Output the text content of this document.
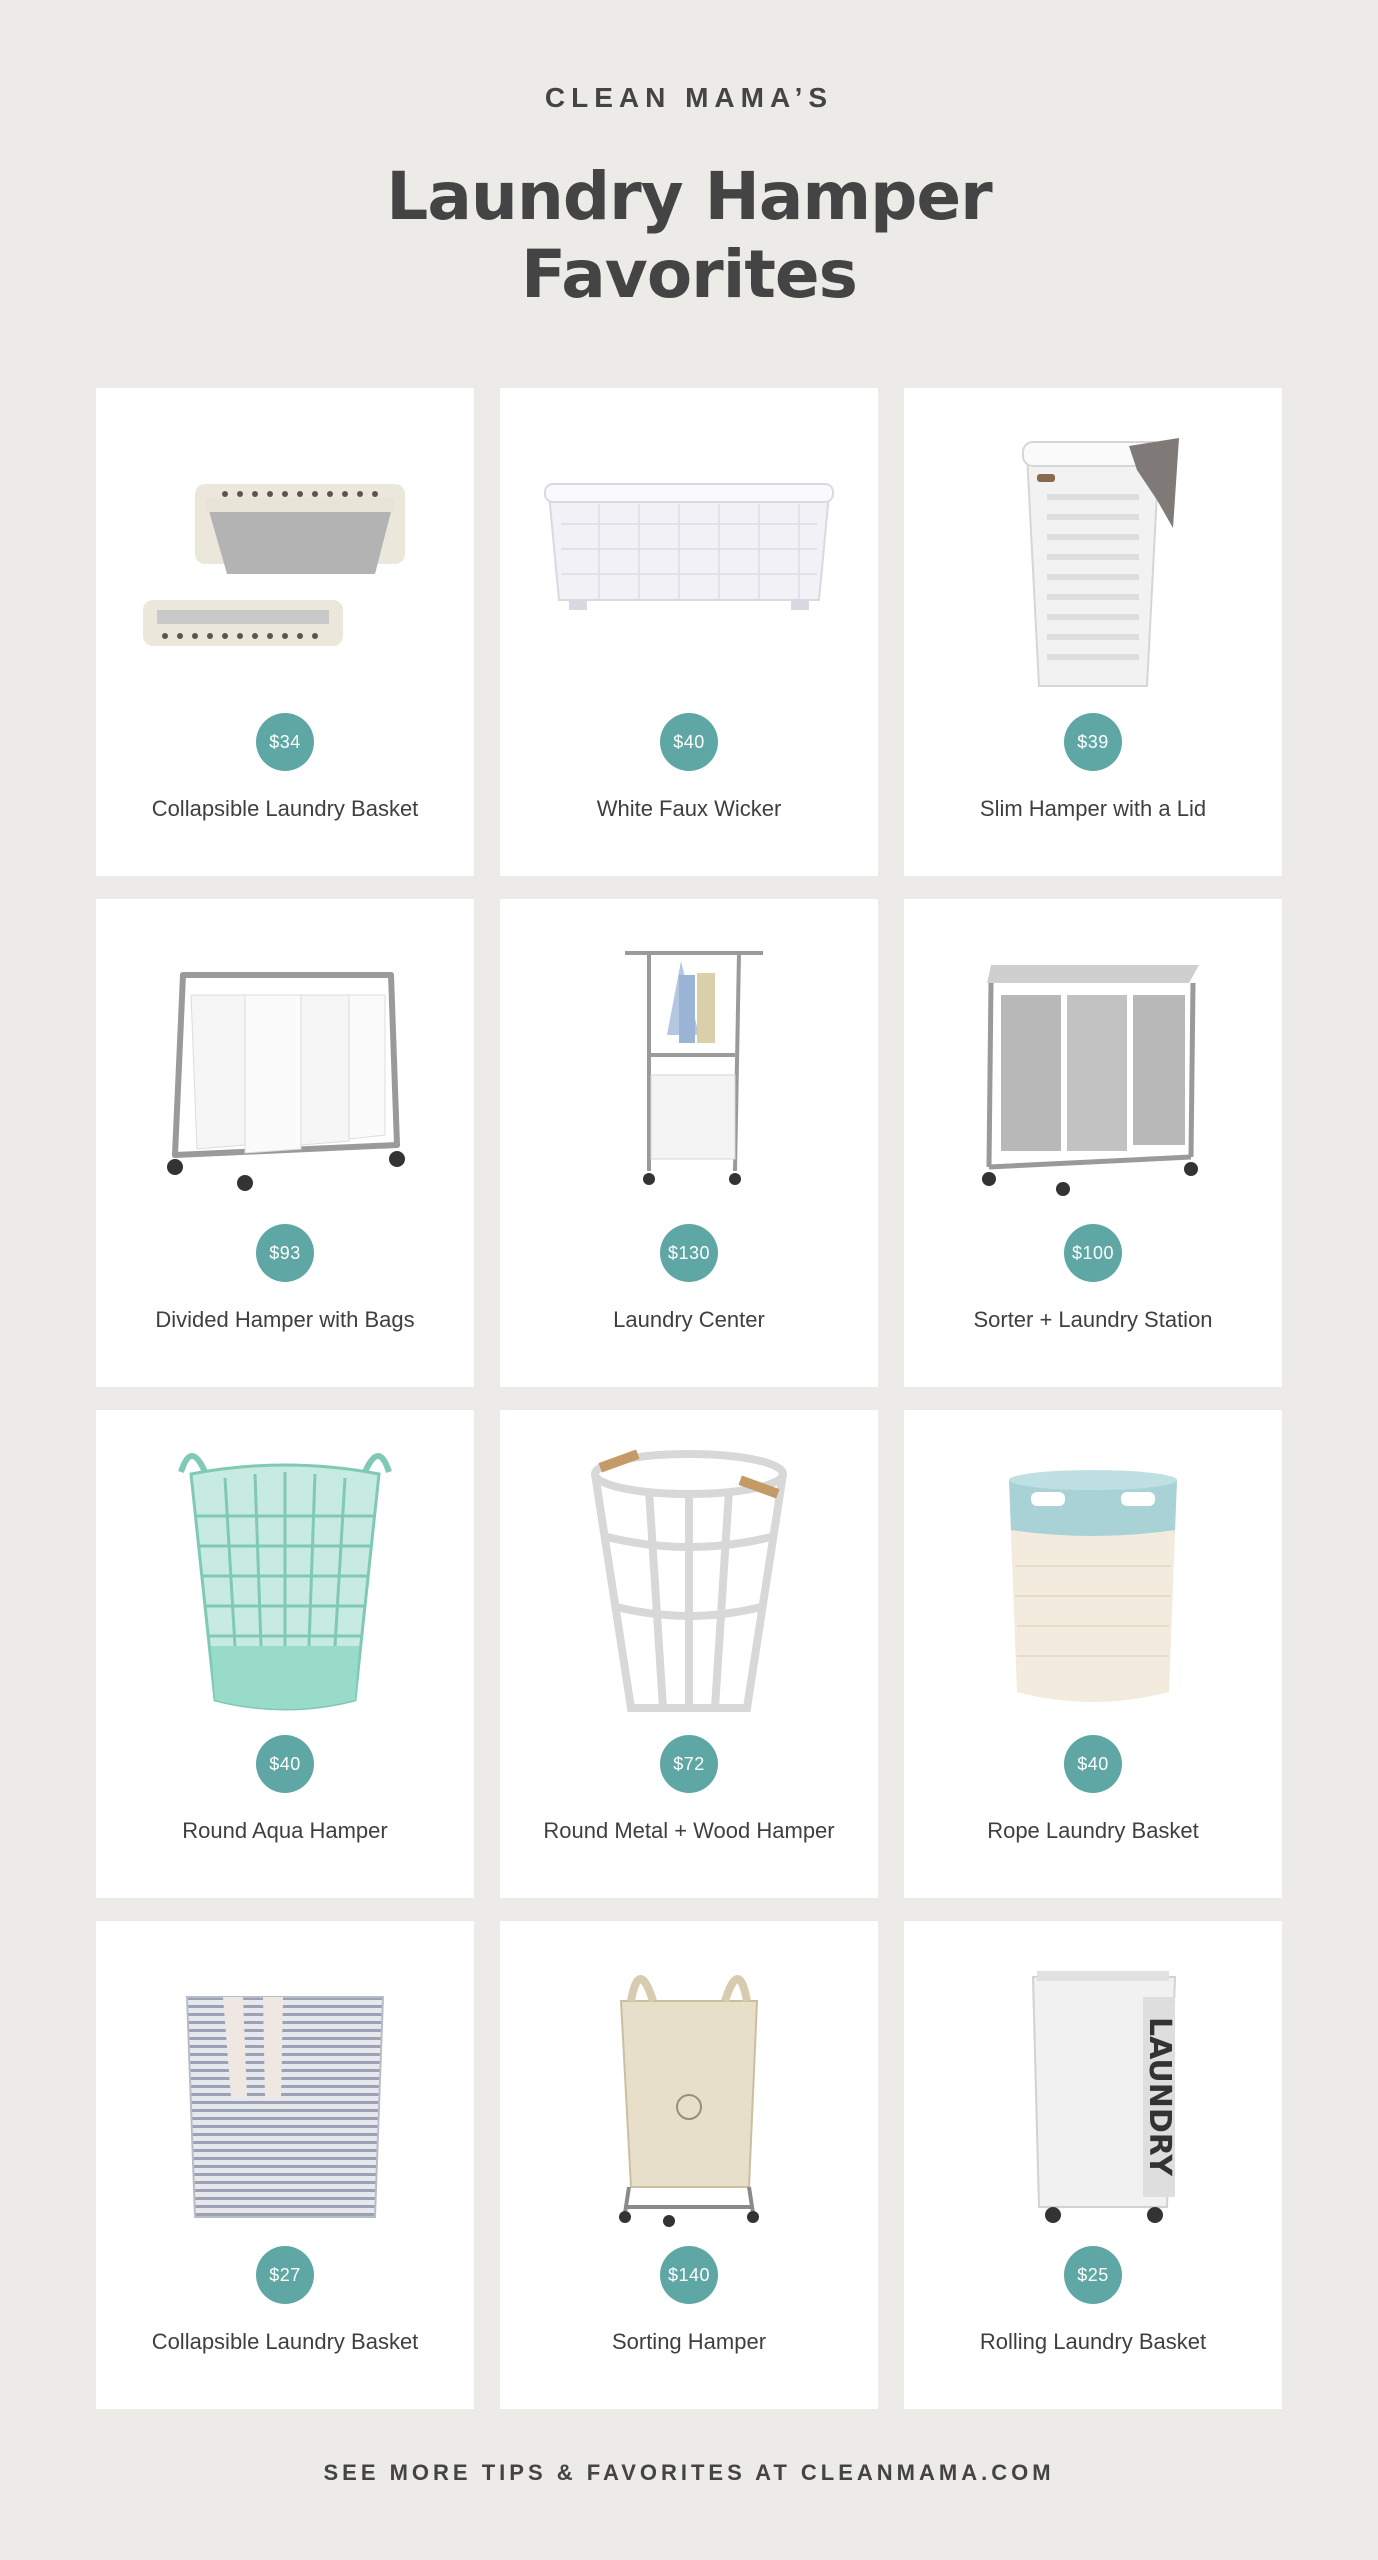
CLEAN MAMA’S
Laundry Hamper
Favorites
$34
Collapsible Laundry Basket
$40
White Faux Wicker
$39
Slim Hamper with a Lid
$93
Divided Hamper with Bags
$130
Laundry Center
$100
Sorter + Laundry Station
$40
Round Aqua Hamper
$72
Round Metal + Wood Hamper
$40
Rope Laundry Basket
$27
Collapsible Laundry Basket
$140
Sorting Hamper
LAUNDRY
$25
Rolling Laundry Basket
SEE MORE TIPS & FAVORITES AT CLEANMAMA.COM
